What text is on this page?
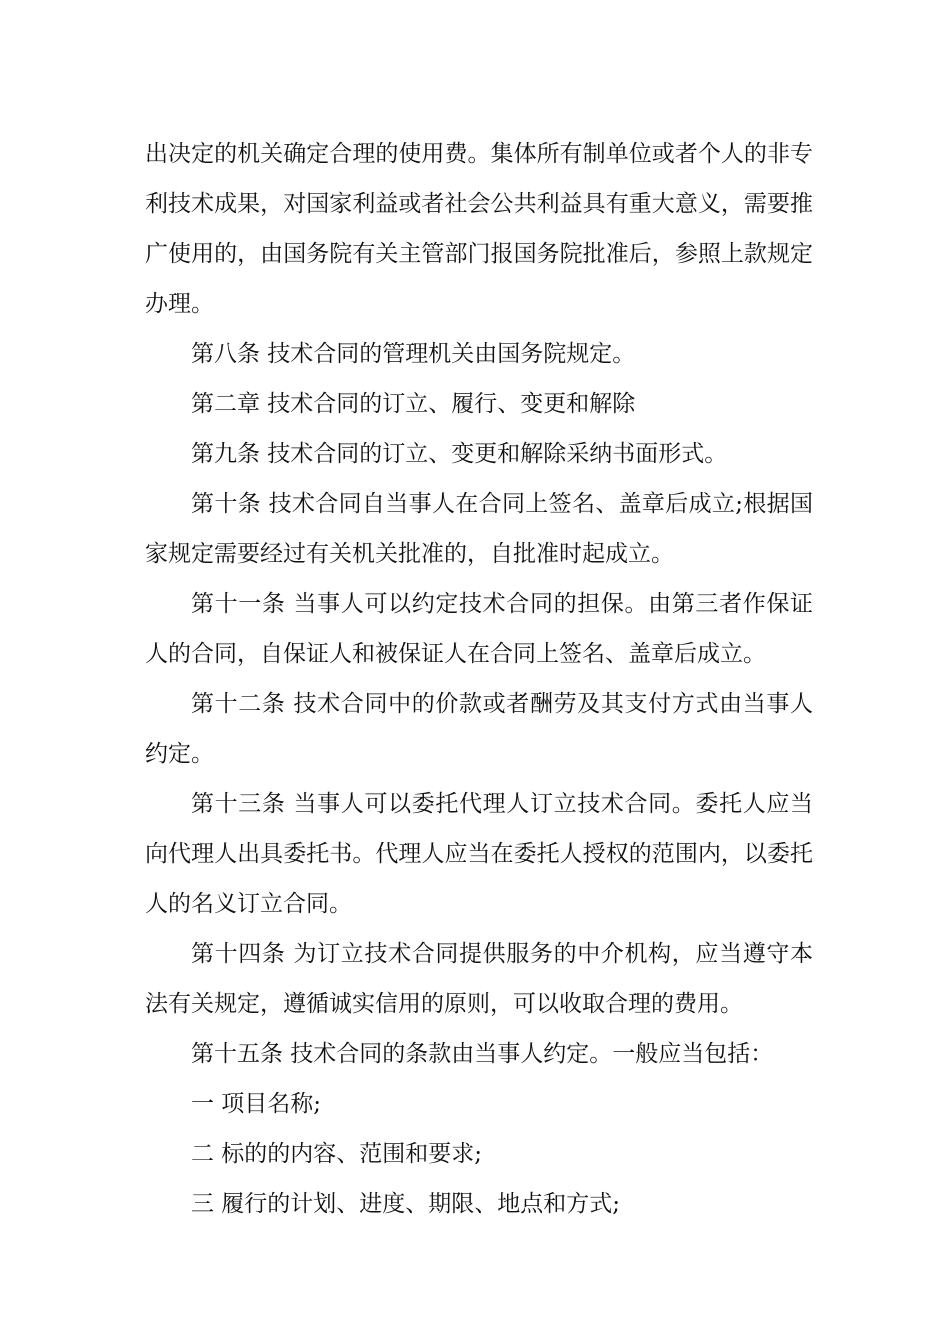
出决定的机关确定合理的使用费。集体所有制单位或者个人的非专利技术成果，对国家利益或者社会公共利益具有重大意义，需要推广使用的，由国务院有关主管部门报国务院批准后，参照上款规定办理。

第八条 技术合同的管理机关由国务院规定。

第二章 技术合同的订立、履行、变更和解除

第九条 技术合同的订立、变更和解除采纳书面形式。

第十条 技术合同自当事人在合同上签名、盖章后成立;根据国家规定需要经过有关机关批准的，自批准时起成立。

第十一条 当事人可以约定技术合同的担保。由第三者作保证人的合同，自保证人和被保证人在合同上签名、盖章后成立。

第十二条 技术合同中的价款或者酬劳及其支付方式由当事人约定。

第十三条 当事人可以委托代理人订立技术合同。委托人应当向代理人出具委托书。代理人应当在委托人授权的范围内，以委托人的名义订立合同。

第十四条 为订立技术合同提供服务的中介机构，应当遵守本法有关规定，遵循诚实信用的原则，可以收取合理的费用。

第十五条 技术合同的条款由当事人约定。一般应当包括：

一 项目名称;

二 标的的内容、范围和要求;

三 履行的计划、进度、期限、地点和方式;
